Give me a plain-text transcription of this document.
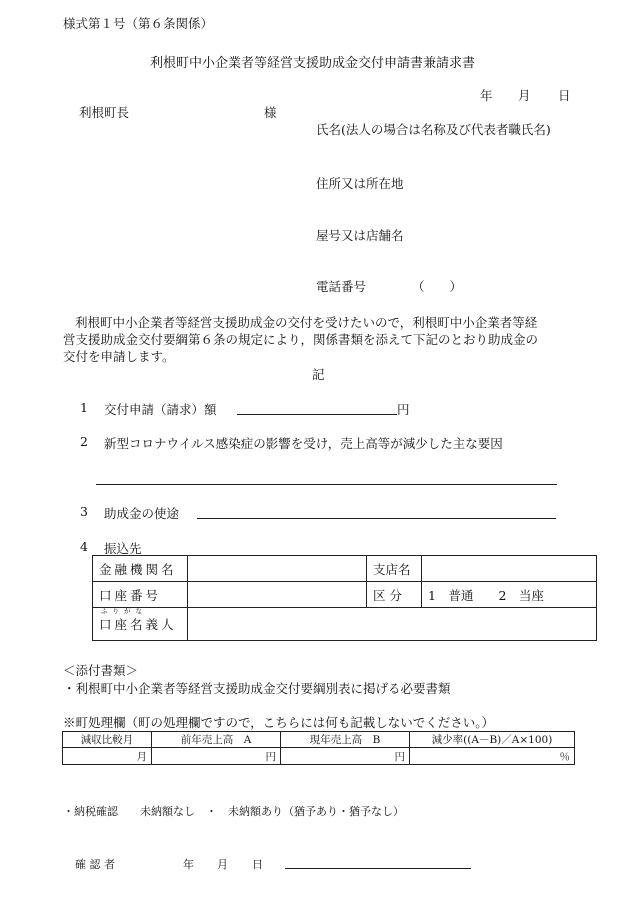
様式第１号（第６条関係）
利根町中小企業者等経営支援助成金交付申請書兼請求書
年 月 日
利根町長	様
氏名(法人の場合は名称及び代表者職氏名)
住所又は所在地
屋号又は店舗名
電話番号	（　　）
利根町中小企業者等経営支援助成金の交付を受けたいので，利根町中小企業者等経
営支援助成金交付要綱第６条の規定により，関係書類を添えて下記のとおり助成金の
交付を申請します。
記
1 交付申請（請求）額	円
2 新型コロナウイルス感染症の影響を受け，売上高等が減少した主な要因
3 助成金の使途
4 振込先
金融機関名		支店名	
口座番号		区 分	1　普通　　2　当座

ふりがな
口座名義人			
＜添付書類＞
・利根町中小企業者等経営支援助成金交付要綱別表に掲げる必要書類
※町処理欄（町の処理欄ですので，こちらには何も記載しないでください。）
減収比較月	前年売上高　A	現年売上高　B	減少率((A－B)／A×100)
月	円	円	％
・納税確認　　未納額なし　・　未納額あり（猶予あり・猶予なし）
確 認 者	年 月 日
